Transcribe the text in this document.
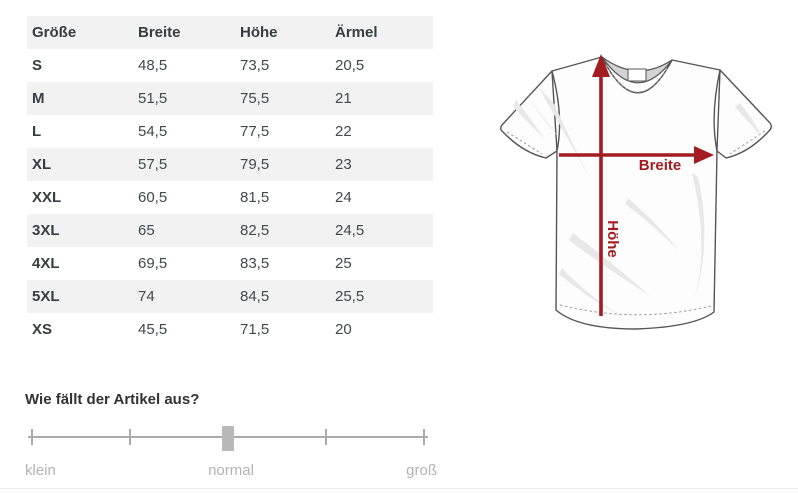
Größe	Breite	Höhe	Ärmel
S	48,5	73,5	20,5
M	51,5	75,5	21
L	54,5	77,5	22
XL	57,5	79,5	23
XXL	60,5	81,5	24
3XL	65	82,5	24,5
4XL	69,5	83,5	25
5XL	74	84,5	25,5
XS	45,5	71,5	20
Breite
Höhe
Wie fällt der Artikel aus?
klein	normal	groß
